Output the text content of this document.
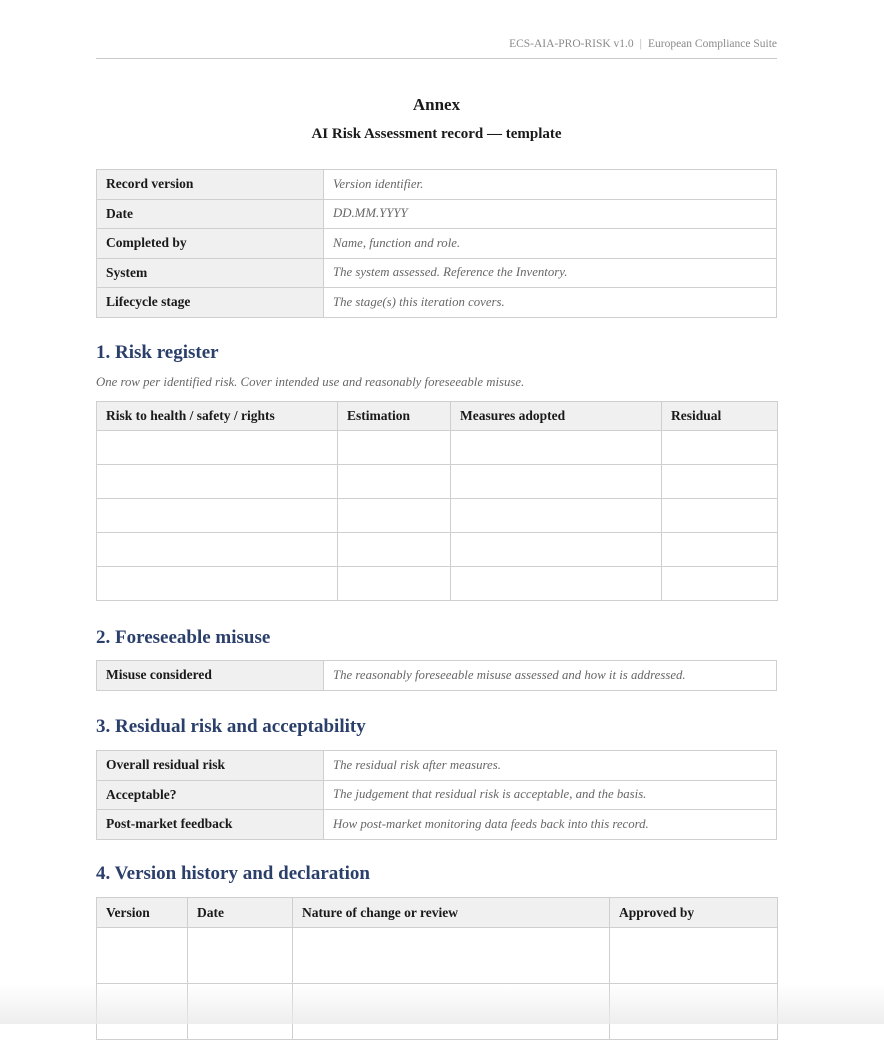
ECS-AIA-PRO-RISK v1.0 | European Compliance Suite
Annex
AI Risk Assessment record — template
Record version	Version identifier.
Date	DD.MM.YYYY
Completed by	Name, function and role.
System	The system assessed. Reference the Inventory.
Lifecycle stage	The stage(s) this iteration covers.
1. Risk register

One row per identified risk. Cover intended use and reasonably foreseeable misuse.

Risk to health / safety / rights	Estimation	Measures adopted	Residual

2. Foreseeable misuse
Misuse considered	The reasonably foreseeable misuse assessed and how it is addressed.
3. Residual risk and acceptability
Overall residual risk	The residual risk after measures.
Acceptable?	The judgement that residual risk is acceptable, and the basis.
Post-market feedback	How post-market monitoring data feeds back into this record.
4. Version history and declaration
Version	Date	Nature of change or review	Approved by
